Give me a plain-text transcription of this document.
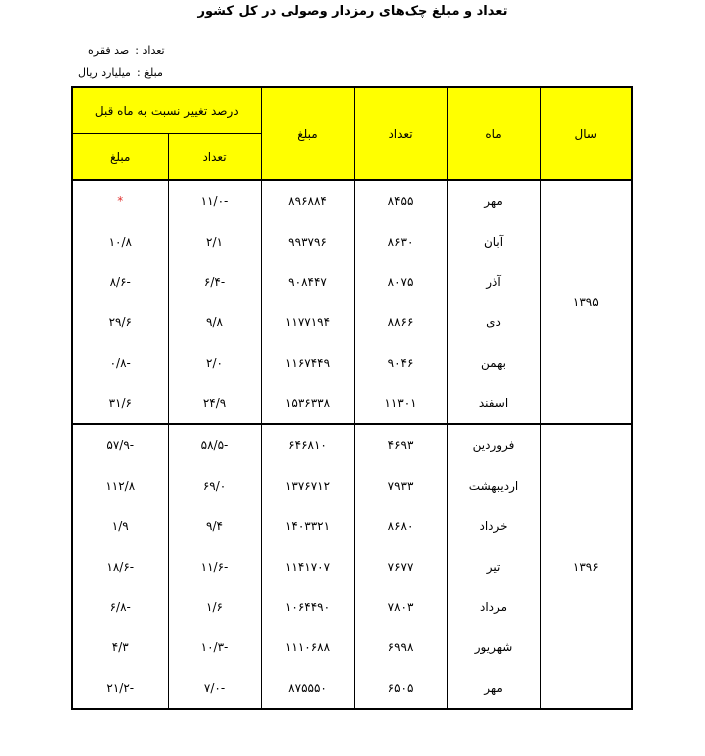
تعداد و مبلغ چک‌های رمزدار وصولی در کل کشور
تعداد :صد فقره
مبلغ :میلیارد ریال
سال	ماه	تعداد	مبلغ	درصد تغییر نسبت به ماه قبل	
				تعداد	مبلغ
۱۳۹۵	مهر	۸۴۵۵	۸۹۶۸۸۴	-۱۱/۰	*
	آبان	۸۶۳۰	۹۹۳۷۹۶	۲/۱	۱۰/۸
	آذر	۸۰۷۵	۹۰۸۴۴۷	-۶/۴	-۸/۶
	دی	۸۸۶۶	۱۱۷۷۱۹۴	۹/۸	۲۹/۶
	بهمن	۹۰۴۶	۱۱۶۷۴۴۹	۲/۰	-۰/۸
	اسفند	۱۱۳۰۱	۱۵۳۶۳۳۸	۲۴/۹	۳۱/۶
۱۳۹۶	فروردین	۴۶۹۳	۶۴۶۸۱۰	-۵۸/۵	-۵۷/۹
	اردیبهشت	۷۹۳۳	۱۳۷۶۷۱۲	۶۹/۰	۱۱۲/۸
	خرداد	۸۶۸۰	۱۴۰۳۳۲۱	۹/۴	۱/۹
	تیر	۷۶۷۷	۱۱۴۱۷۰۷	-۱۱/۶	-۱۸/۶
	مرداد	۷۸۰۳	۱۰۶۴۴۹۰	۱/۶	-۶/۸
	شهریور	۶۹۹۸	۱۱۱۰۶۸۸	-۱۰/۳	۴/۳
	مهر	۶۵۰۵	۸۷۵۵۵۰	-۷/۰	-۲۱/۲
